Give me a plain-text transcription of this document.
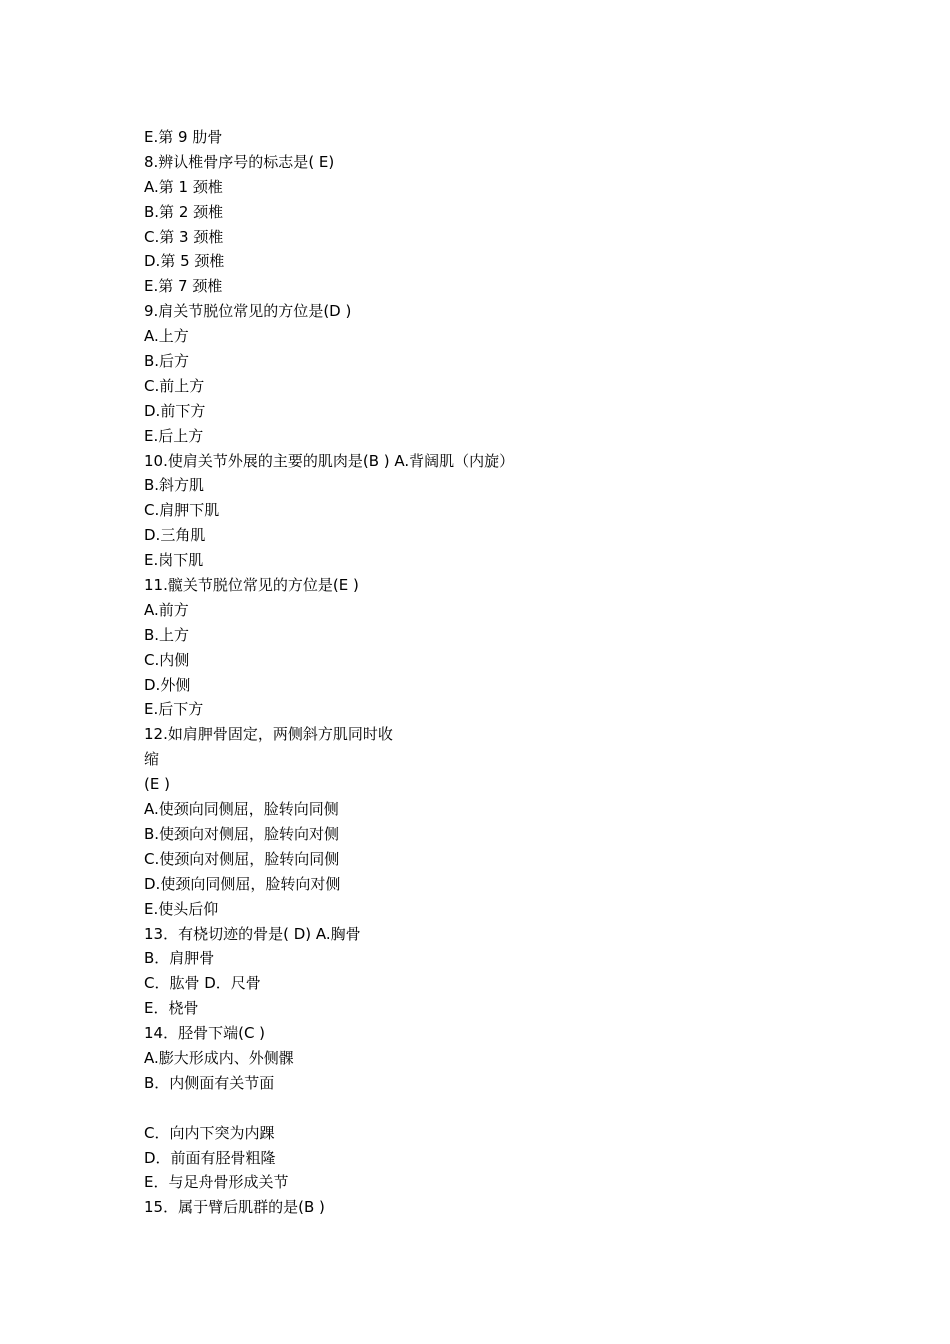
E.第 9 肋骨
8.辨认椎骨序号的标志是( E)
A.第 1 颈椎
B.第 2 颈椎
C.第 3 颈椎
D.第 5 颈椎
E.第 7 颈椎
9.肩关节脱位常见的方位是(D )
A.上方
B.后方
C.前上方
D.前下方
E.后上方
10.使肩关节外展的主要的肌肉是(B ) A.背阔肌（内旋）
B.斜方肌
C.肩胛下肌
D.三角肌
E.岗下肌
11.髋关节脱位常见的方位是(E )
A.前方
B.上方
C.内侧
D.外侧
E.后下方
12.如肩胛骨固定，两侧斜方肌同时收
缩
(E )
A.使颈向同侧屈，脸转向同侧
B.使颈向对侧屈，脸转向对侧
C.使颈向对侧屈，脸转向同侧
D.使颈向同侧屈，脸转向对侧
E.使头后仰
13．有桡切迹的骨是( D) A.胸骨
B．肩胛骨
C．肱骨 D．尺骨
E．桡骨
14．胫骨下端(C )
A.膨大形成内、外侧髁
B．内侧面有关节面
C．向内下突为内踝
D．前面有胫骨粗隆
E．与足舟骨形成关节
15．属于臂后肌群的是(B )
